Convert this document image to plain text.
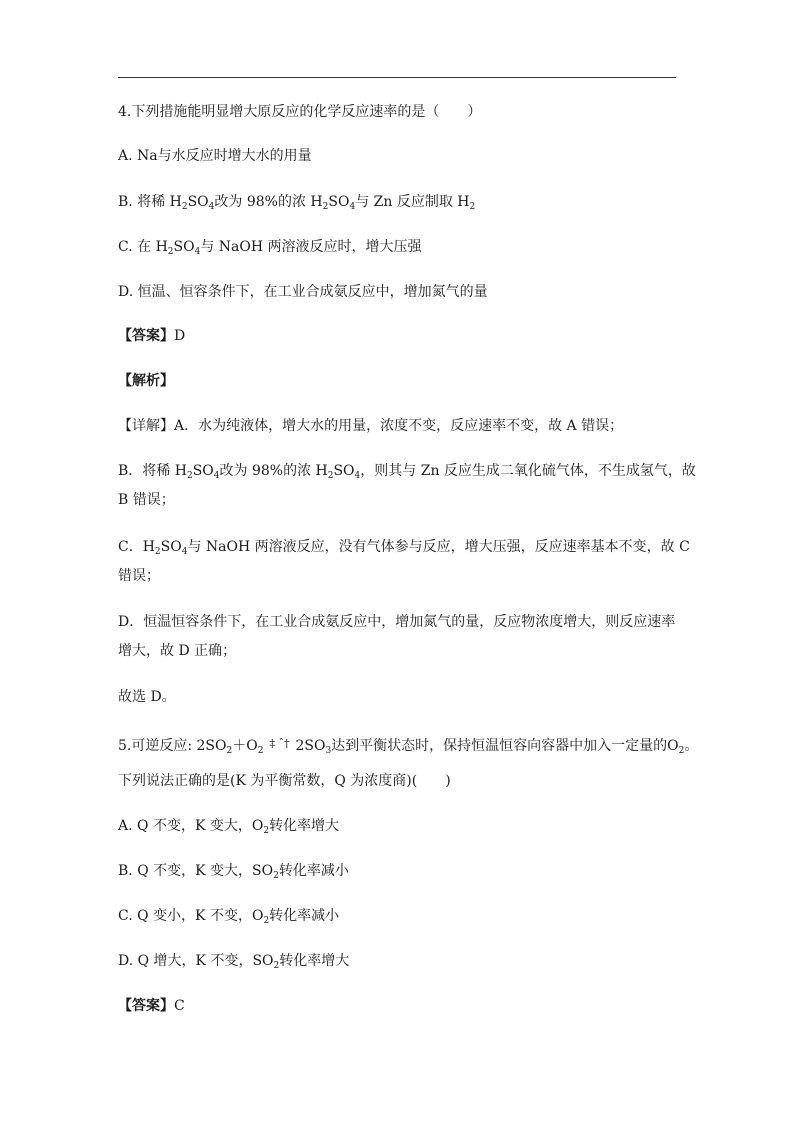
4.下列措施能明显增大原反应的化学反应速率的是（　　）
A. Na与水反应时增大水的用量
B. 将稀 $H_2SO_4$改为 98%的浓 $H_2SO_4$与 Zn 反应制取 $H_2$
C. 在 $H_2SO_4$与 NaOH 两溶液反应时，增大压强
D. 恒温、恒容条件下，在工业合成氨反应中，增加氮气的量
【答案】D
【解析】
【详解】A．水为纯液体，增大水的用量，浓度不变，反应速率不变，故 A 错误；
B．将稀 $H_2SO_4$改为 98%的浓 $H_2SO_4$，则其与 Zn 反应生成二氧化硫气体，不生成氢气，故
B 错误；
C．$H_2SO_4$与 NaOH 两溶液反应，没有气体参与反应，增大压强，反应速率基本不变，故 C
错误；
D．恒温恒容条件下，在工业合成氨反应中，增加氮气的量，反应物浓度增大，则反应速率
增大，故 D 正确；
故选 D。
5.可逆反应: $2SO_2+O_2\ddagger$ ˆ† $2SO_3$达到平衡状态时，保持恒温恒容向容器中加入一定量的$O_2$。
下列说法正确的是(K 为平衡常数，Q 为浓度商)(　　)
A. Q 不变，K 变大，$O_2$转化率增大
B. Q 不变，K 变大，$SO_2$转化率减小
C. Q 变小，K 不变，$O_2$转化率减小
D. Q 增大，K 不变，$SO_2$转化率增大
【答案】C
